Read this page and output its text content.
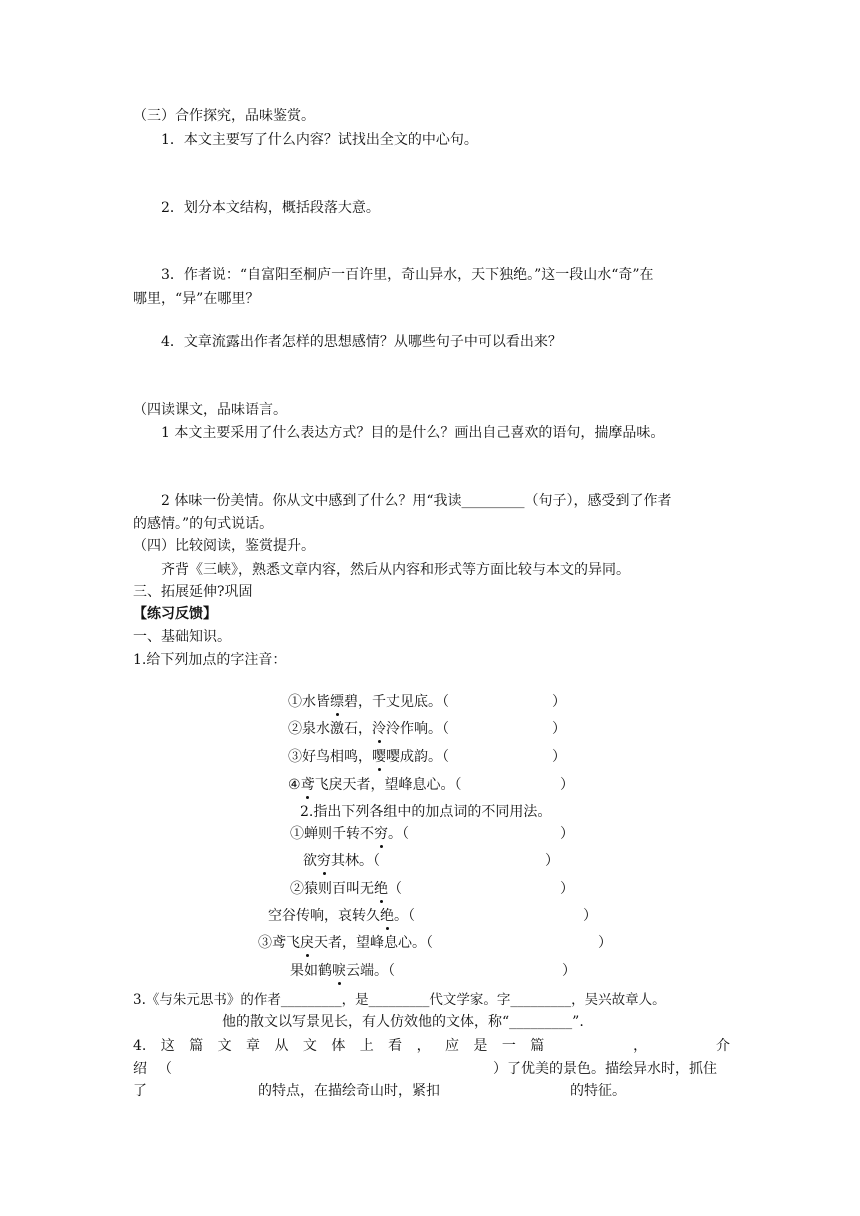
（三）合作探究，品味鉴赏。
1．本文主要写了什么内容？试找出全文的中心句。
2．划分本文结构，概括段落大意。
3．作者说：“自富阳至桐庐一百许里，奇山异水，天下独绝。”这一段山水“奇”在
哪里，“异”在哪里？
4．文章流露出作者怎样的思想感情？从哪些句子中可以看出来？
（四读课文，品味语言。
1 本文主要采用了什么表达方式？目的是什么？画出自己喜欢的语句，揣摩品味。
2 体味一份美情。你从文中感到了什么？用“我读_________（句子），感受到了作者
的感情。”的句式说话。
（四）比较阅读，鉴赏提升。
齐背《三峡》，熟悉文章内容，然后从内容和形式等方面比较与本文的异同。
三、拓展延伸?巩固
【练习反馈】
一、基础知识。
1.给下列加点的字注音：
①水皆缥碧，千丈见底。（	）
②泉水激石，泠泠作响。（	）
③好鸟相鸣，嘤嘤成韵。（	）
④鸢飞戾天者，望峰息心。（	）
2.指出下列各组中的加点词的不同用法。
①蝉则千转不穷。（	）
欲穷其林。（	）
②猿则百叫无绝（	）
空谷传响，哀转久绝。（	）
③鸢飞戾天者，望峰息心。（	）
果如鹤唳云端。（	）
3.《与朱元思书》的作者_________，是_________代文学家。字_________，吴兴故章人。
他的散文以写景见长，有人仿效他的文体，称“_________”.
4. 这 篇 文 章 从 文 体 上 看 ， 应 是 一 篇	，	介
绍　（	）了优美的景色。描绘异水时，抓住
了	的特点，在描绘奇山时，紧扣	的特征。
